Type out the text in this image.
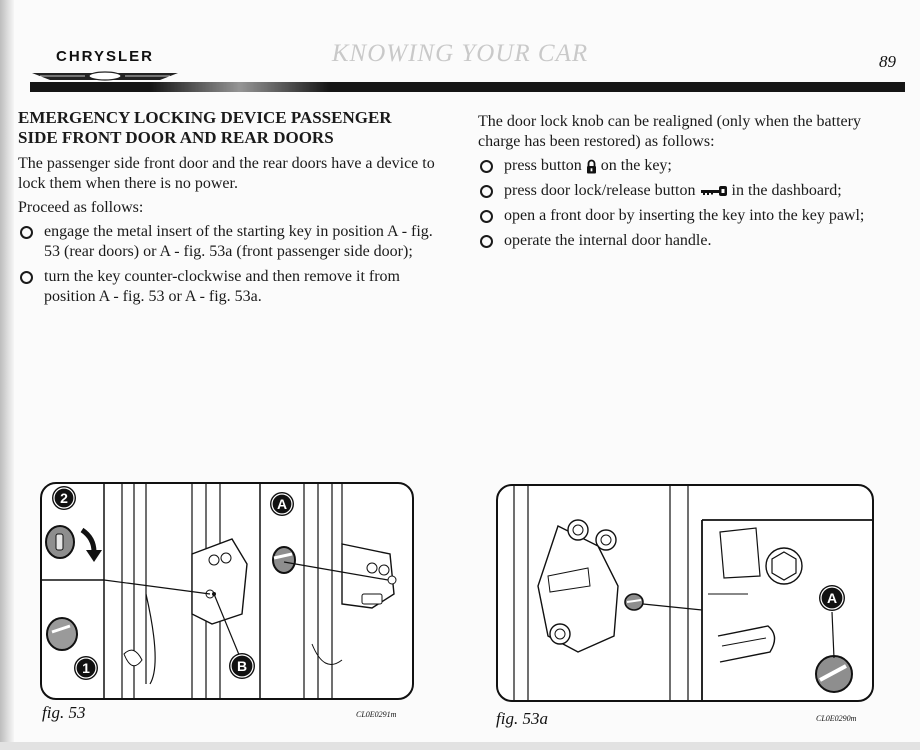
CHRYSLER	KNOWING YOUR CAR	89
EMERGENCY LOCKING DEVICE PASSENGER
SIDE FRONT DOOR AND REAR DOORS

The passenger side front door and the rear doors have a device to lock them when there is no power.

Proceed as follows:

engage the metal insert of the starting key in position A - fig. 53 (rear doors) or A - fig. 53a (front passenger side door);
turn the key counter-clockwise and then remove it from position A - fig. 53 or A - fig. 53a.

The door lock knob can be realigned (only when the battery charge has been restored) as follows:

press button on the key;
press door lock/release button in the dashboard;
open a front door by inserting the key into the key pawl;
operate the internal door handle.
2
1
A
B
fig. 53	CL0E0291m
A
fig. 53a	CL0E0290m
